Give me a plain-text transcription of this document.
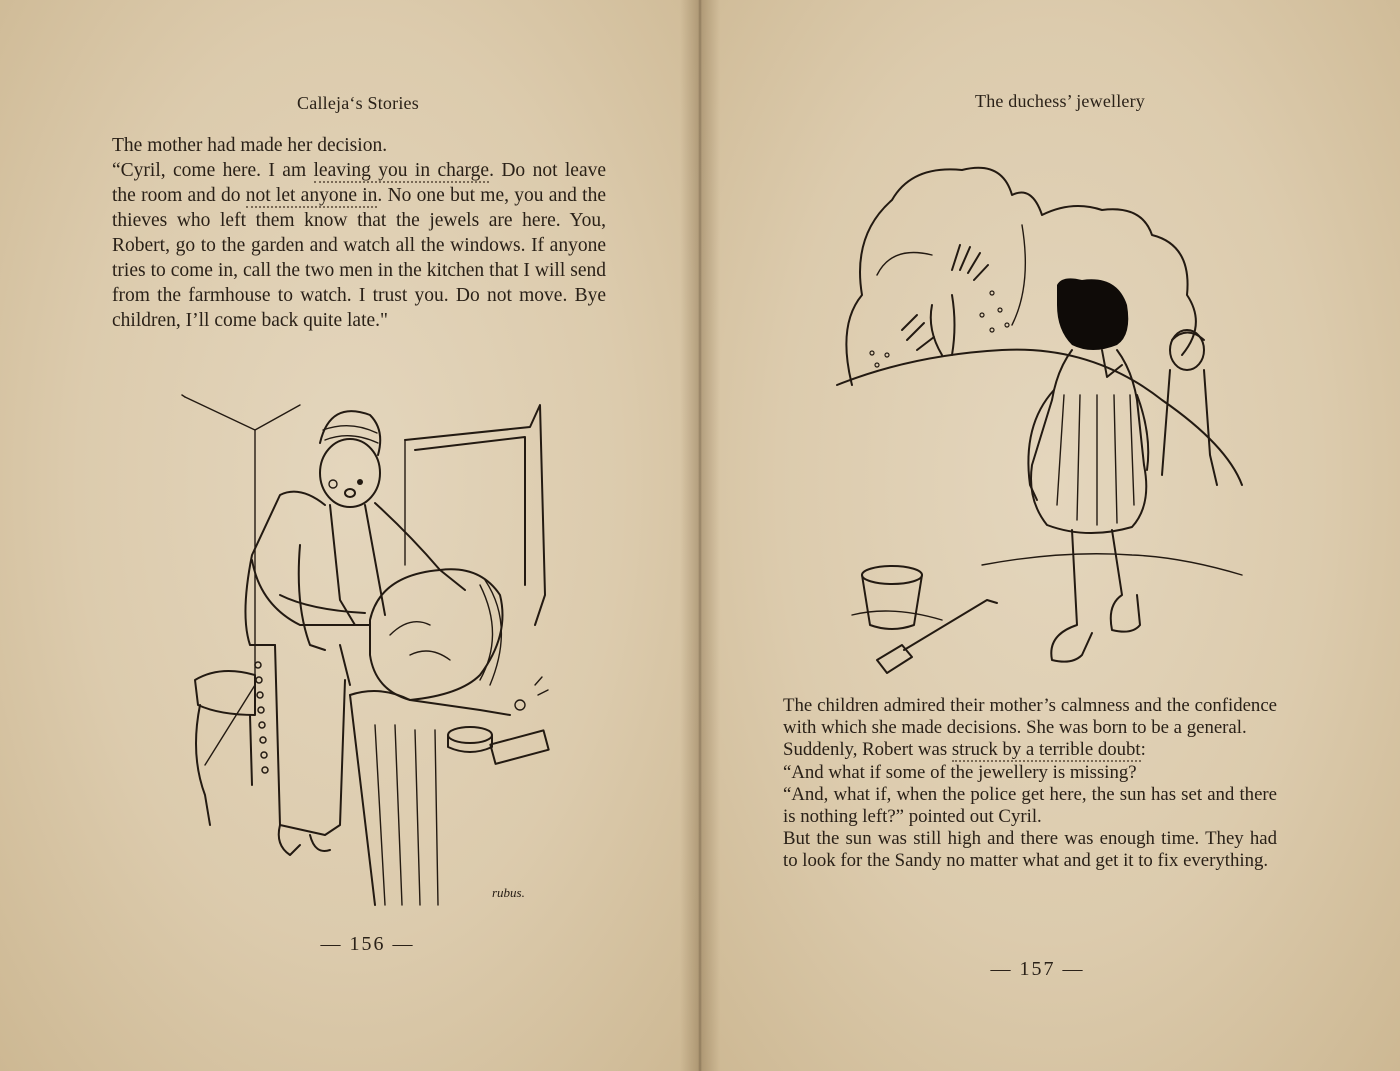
Calleja‘s Stories

The mother had made her decision.

“Cyril, come here. I am leaving you in charge. Do not leave the room and do not let anyone in. No one but me, you and the thieves who left them know that the jewels are here. You, Robert, go to the garden and watch all the windows. If anyone tries to come in, call the two men in the kitchen that I will send from the farmhouse to watch. I trust you. Do not move. Bye children, I’ll come back quite late."

rubus.
— 156 —
The duchess’ jewellery

The children admired their mother’s calmness and the confidence with which she made decisions. She was born to be a general.

Suddenly, Robert was struck by a terrible doubt:

“And what if some of the jewellery is missing?

“And, what if, when the police get here, the sun has set and there is nothing left?” pointed out Cyril.

But the sun was still high and there was enough time. They had to look for the Sandy no matter what and get it to fix everything.

— 157 —
